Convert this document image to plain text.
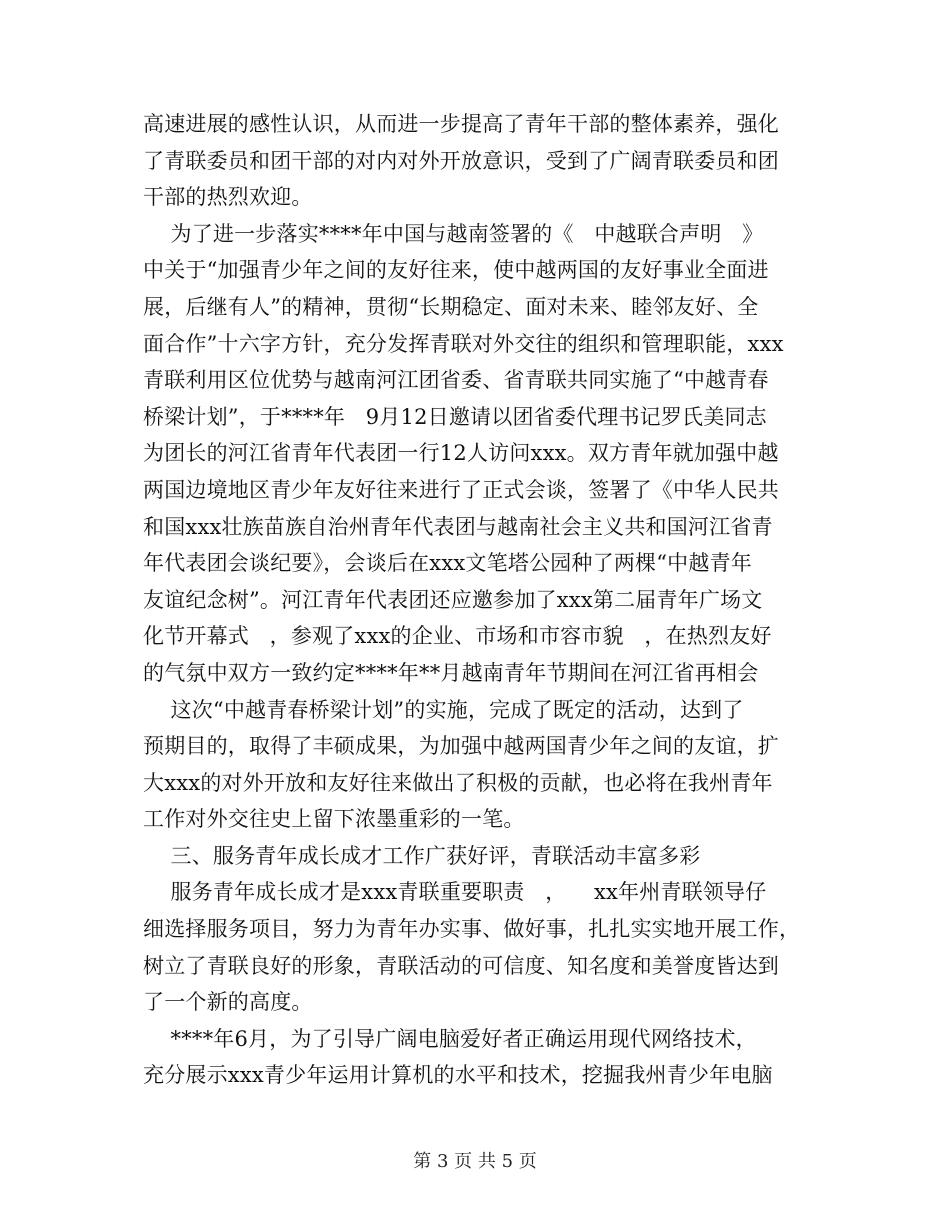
高速进展的感性认识，从而进一步提高了青年干部的整体素养，强化
了青联委员和团干部的对内对外开放意识，受到了广阔青联委员和团
干部的热烈欢迎。
为了进一步落实****年中国与越南签署的《   中越联合声明   》
中关于“加强青少年之间的友好往来，使中越两国的友好事业全面进
展，后继有人”的精神，贯彻“长期稳定、面对未来、睦邻友好、全
面合作”十六字方针，充分发挥青联对外交往的组织和管理职能，xxx
青联利用区位优势与越南河江团省委、省青联共同实施了“中越青春
桥梁计划”，于****年   9月12日邀请以团省委代理书记罗氏美同志
为团长的河江省青年代表团一行12人访问xxx。双方青年就加强中越
两国边境地区青少年友好往来进行了正式会谈，签署了《中华人民共
和国xxx壮族苗族自治州青年代表团与越南社会主义共和国河江省青
年代表团会谈纪要》，会谈后在xxx文笔塔公园种了两棵“中越青年
友谊纪念树”。河江青年代表团还应邀参加了xxx第二届青年广场文
化节开幕式   ，参观了xxx的企业、市场和市容市貌   ，在热烈友好
的气氛中双方一致约定****年**月越南青年节期间在河江省再相会
这次“中越青春桥梁计划”的实施，完成了既定的活动，达到了
预期目的，取得了丰硕成果，为加强中越两国青少年之间的友谊，扩
大xxx的对外开放和友好往来做出了积极的贡献，也必将在我州青年
工作对外交往史上留下浓墨重彩的一笔。
三、服务青年成长成才工作广获好评，青联活动丰富多彩
服务青年成长成才是xxx青联重要职责   ，    xx年州青联领导仔
细选择服务项目，努力为青年办实事、做好事，扎扎实实地开展工作，
树立了青联良好的形象，青联活动的可信度、知名度和美誉度皆达到
了一个新的高度。
****年6月，为了引导广阔电脑爱好者正确运用现代网络技术，
充分展示xxx青少年运用计算机的水平和技术，挖掘我州青少年电脑
第 3 页 共 5 页
